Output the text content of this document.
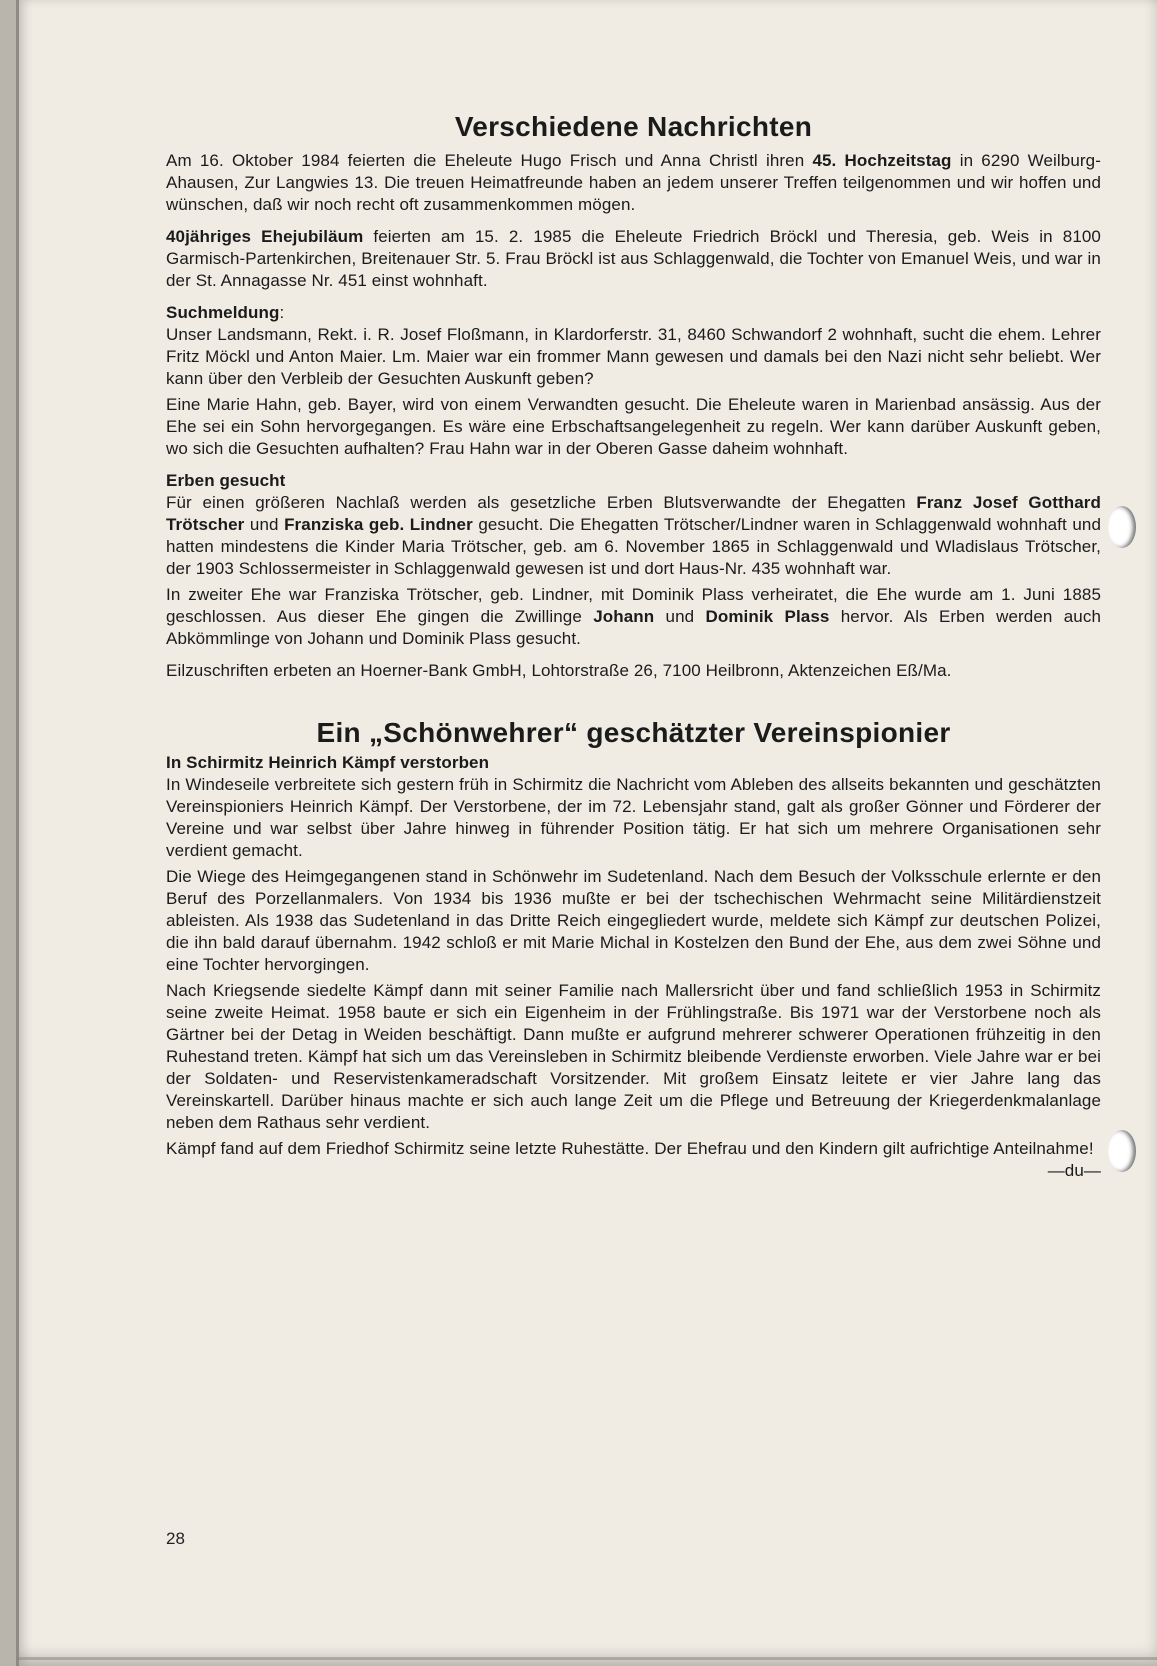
Verschiedene Nachrichten

Am 16. Oktober 1984 feierten die Eheleute Hugo Frisch und Anna Christl ihren 45. Hochzeitstag in 6290 Weilburg-Ahausen, Zur Langwies 13. Die treuen Heimatfreunde haben an jedem unserer Treffen teilgenommen und wir hoffen und wünschen, daß wir noch recht oft zusammenkommen mögen.

40jähriges Ehejubiläum feierten am 15. 2. 1985 die Eheleute Friedrich Bröckl und Theresia, geb. Weis in 8100 Garmisch-Partenkirchen, Breitenauer Str. 5. Frau Bröckl ist aus Schlaggenwald, die Tochter von Emanuel Weis, und war in der St. Annagasse Nr. 451 einst wohnhaft.

Suchmeldung:

Unser Landsmann, Rekt. i. R. Josef Floßmann, in Klardorferstr. 31, 8460 Schwandorf 2 wohnhaft, sucht die ehem. Lehrer Fritz Möckl und Anton Maier. Lm. Maier war ein frommer Mann gewesen und damals bei den Nazi nicht sehr beliebt. Wer kann über den Verbleib der Gesuchten Auskunft geben?

Eine Marie Hahn, geb. Bayer, wird von einem Verwandten gesucht. Die Eheleute waren in Marienbad ansässig. Aus der Ehe sei ein Sohn hervorgegangen. Es wäre eine Erbschaftsangelegenheit zu regeln. Wer kann darüber Auskunft geben, wo sich die Gesuchten aufhalten? Frau Hahn war in der Oberen Gasse daheim wohnhaft.

Erben gesucht

Für einen größeren Nachlaß werden als gesetzliche Erben Blutsverwandte der Ehegatten Franz Josef Gotthard Trötscher und Franziska geb. Lindner gesucht. Die Ehegatten Trötscher/Lindner waren in Schlaggenwald wohnhaft und hatten mindestens die Kinder Maria Trötscher, geb. am 6. November 1865 in Schlaggenwald und Wladislaus Trötscher, der 1903 Schlossermeister in Schlaggenwald gewesen ist und dort Haus-Nr. 435 wohnhaft war.

In zweiter Ehe war Franziska Trötscher, geb. Lindner, mit Dominik Plass verheiratet, die Ehe wurde am 1. Juni 1885 geschlossen. Aus dieser Ehe gingen die Zwillinge Johann und Dominik Plass hervor. Als Erben werden auch Abkömmlinge von Johann und Dominik Plass gesucht.

Eilzuschriften erbeten an Hoerner-Bank GmbH, Lohtorstraße 26, 7100 Heilbronn, Aktenzeichen Eß/Ma.

Ein „Schönwehrer“ geschätzter Vereinspionier
In Schirmitz Heinrich Kämpf verstorben

In Windeseile verbreitete sich gestern früh in Schirmitz die Nachricht vom Ableben des allseits bekannten und geschätzten Vereinspioniers Heinrich Kämpf. Der Verstorbene, der im 72. Lebensjahr stand, galt als großer Gönner und Förderer der Vereine und war selbst über Jahre hinweg in führender Position tätig. Er hat sich um mehrere Organisationen sehr verdient gemacht.

Die Wiege des Heimgegangenen stand in Schönwehr im Sudetenland. Nach dem Besuch der Volksschule erlernte er den Beruf des Porzellanmalers. Von 1934 bis 1936 mußte er bei der tschechischen Wehrmacht seine Militärdienstzeit ableisten. Als 1938 das Sudetenland in das Dritte Reich eingegliedert wurde, meldete sich Kämpf zur deutschen Polizei, die ihn bald darauf übernahm. 1942 schloß er mit Marie Michal in Kostelzen den Bund der Ehe, aus dem zwei Söhne und eine Tochter hervorgingen.

Nach Kriegsende siedelte Kämpf dann mit seiner Familie nach Mallersricht über und fand schließlich 1953 in Schirmitz seine zweite Heimat. 1958 baute er sich ein Eigenheim in der Frühlingstraße. Bis 1971 war der Verstorbene noch als Gärtner bei der Detag in Weiden beschäftigt. Dann mußte er aufgrund mehrerer schwerer Operationen frühzeitig in den Ruhestand treten. Kämpf hat sich um das Vereinsleben in Schirmitz bleibende Verdienste erworben. Viele Jahre war er bei der Soldaten- und Reservistenkameradschaft Vorsitzender. Mit großem Einsatz leitete er vier Jahre lang das Vereinskartell. Darüber hinaus machte er sich auch lange Zeit um die Pflege und Betreuung der Kriegerdenkmalanlage neben dem Rathaus sehr verdient.

Kämpf fand auf dem Friedhof Schirmitz seine letzte Ruhestätte. Der Ehefrau und den Kindern gilt aufrichtige Anteilnahme!
—du—
28
